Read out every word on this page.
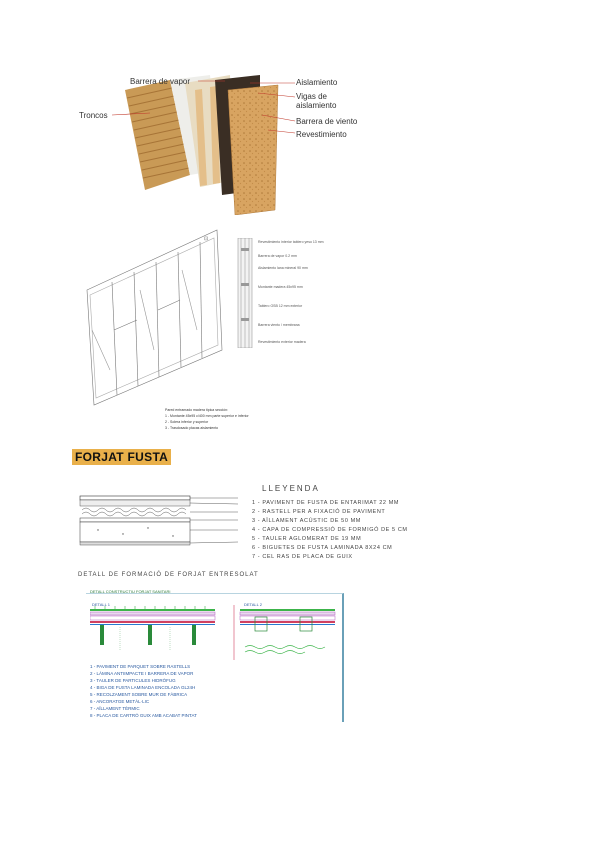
Barrera de vapor	Aislamiento
Vigas de
aislamiento
Barrera de viento
Revestimiento
Troncos
⊡	Revestimiento interior tablero yeso 13 mm
Barrera de vapor 0.2 mm
Aislamiento lana mineral 90 mm
Montante madera 45x95 mm
Tablero OSB 12 mm exterior
Barrera viento / membrana
Revestimiento exterior madera
Pared entramado madera típica sección:
1 - Montante 45x95 c/400 mm parte superior e inferior
2 - Solera inferior y superior
3 - Trasdosado placas aislamiento
FORJAT FUSTA
LLEYENDA
1 - PAVIMENT DE FUSTA DE ENTARIMAT 22 MM
2 - RASTELL PER A FIXACIÓ DE PAVIMENT
3 - AÏLLAMENT ACÚSTIC DE 50 MM
4 - CAPA DE COMPRESSIÓ DE FORMIGÓ DE 5 CM
5 - TAULER AGLOMERAT DE 19 MM
6 - BIGUETES DE FUSTA LAMINADA 8X24 CM
7 - CEL RAS DE PLACA DE GUIX
DETALL DE FORMACIÓ DE FORJAT ENTRESOLAT
DETALL CONSTRUCTIU FORJAT SANITARI
DETALL 1	DETALL 2
1 - PAVIMENT DE PARQUET SOBRE RASTELLS
2 - LÀMINA ANTIIMPACTE I BARRERA DE VAPOR
3 - TAULER DE PARTICULES HIDRÒFUG
4 - BIGA DE FUSTA LAMINADA ENCOLADA GL24H
5 - RECOLZAMENT SOBRE MUR DE FÀBRICA
6 - ANCORATGE METÀL·LIC
7 - AÏLLAMENT TÈRMIC
8 - PLACA DE CARTRÓ GUIX AMB ACABAT PINTAT
